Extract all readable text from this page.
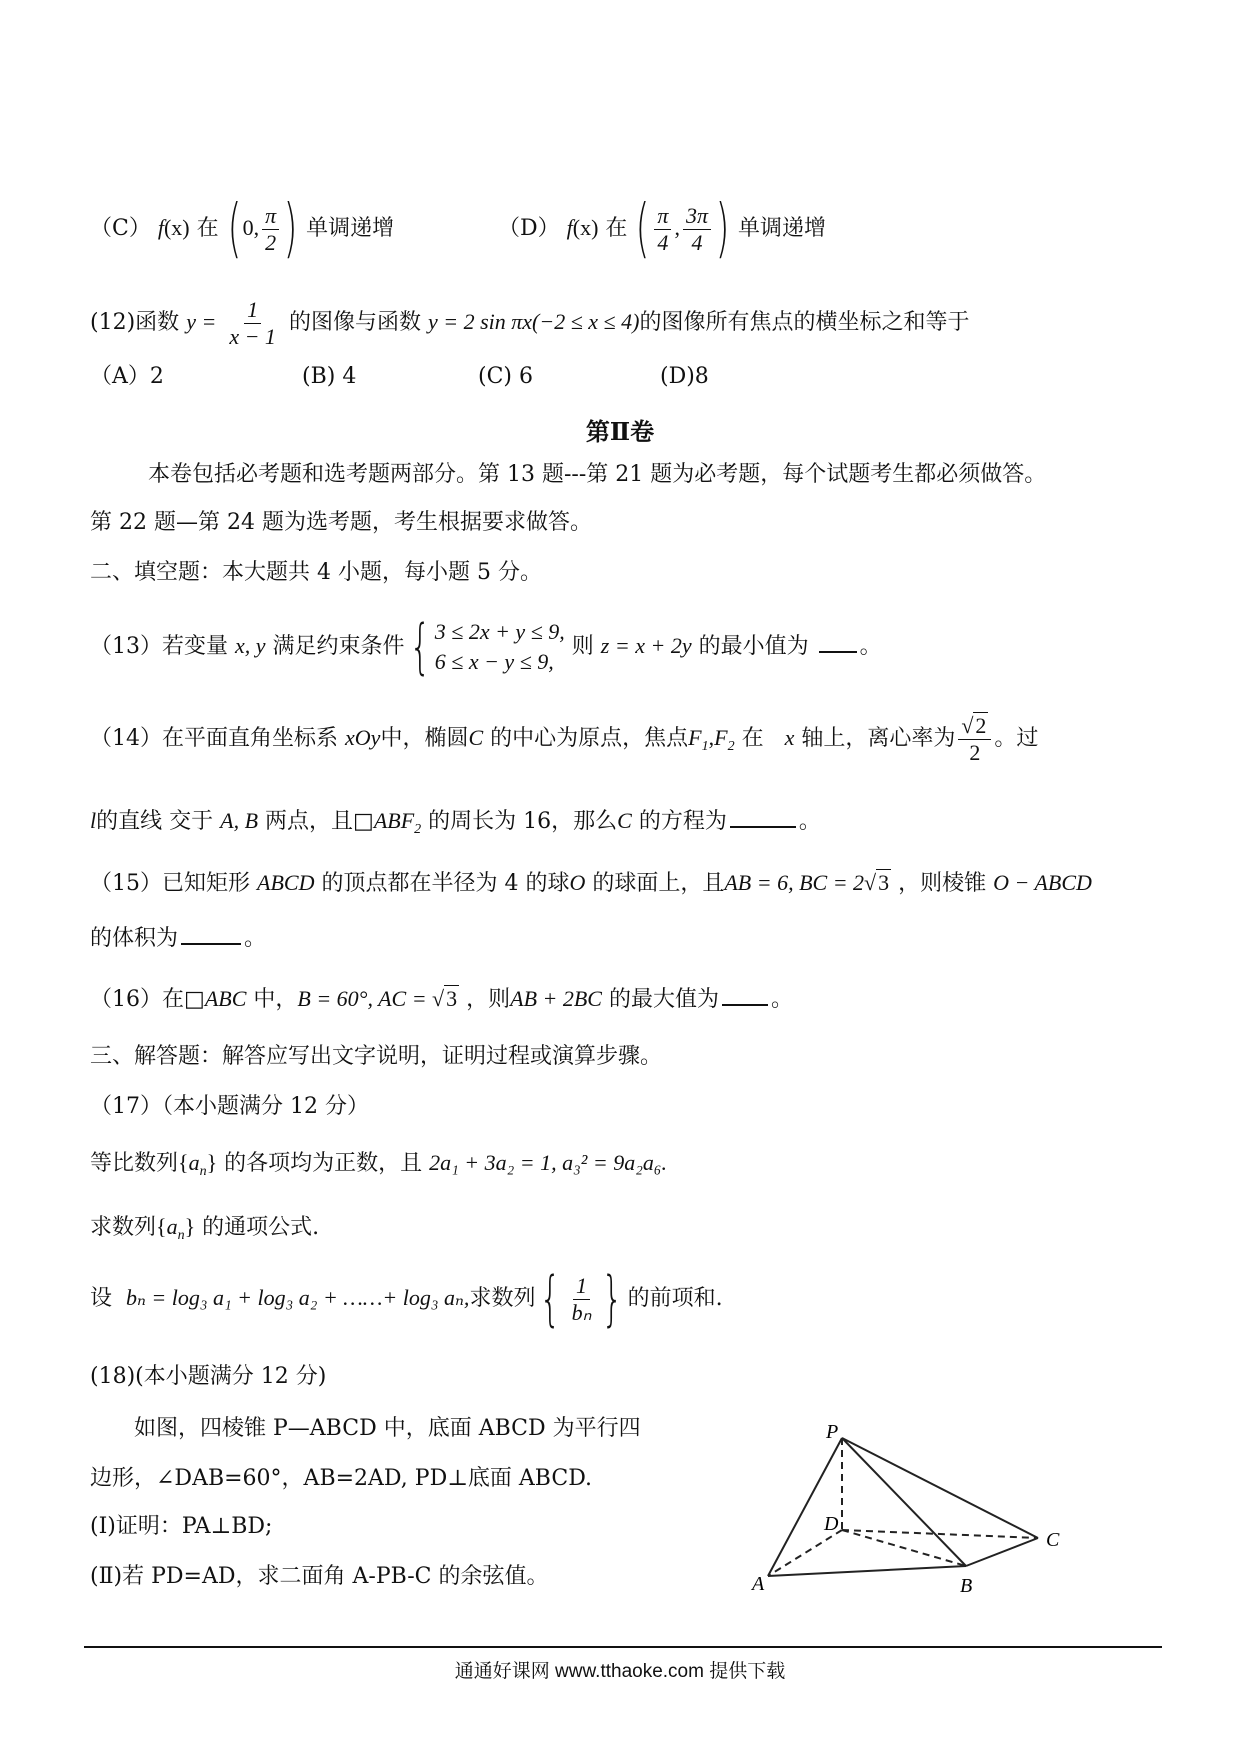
（C） f(x) 在 (0, $\frac{\pi}{2}$ ) 单调递增	（D） f(x) 在 ( $\frac{\pi}{4}$ , $\frac{3\pi}{4}$ ) 单调递增
(12)函数 $y = \frac{1}{x - 1}$ 的图像与函数 y = 2 sin πx(−2 ≤ x ≤ 4)的图像所有焦点的横坐标之和等于
（A）2	(B) 4	(C) 6	(D)8
第Ⅱ卷
本卷包括必考题和选考题两部分。第 13 题---第 21 题为必考题，每个试题考生都必须做答。
第 22 题—第 24 题为选考题，考生根据要求做答。
二、填空题：本大题共 4 小题，每小题 5 分。
（13）若变量 x, y 满足约束条件{ 3 ≤ 2x + y ≤ 9,
6 ≤ x − y ≤ 9,
则 z = x + 2y 的最小值为 。
（14）在平面直角坐标系 xOy中，椭圆C 的中心为原点，焦点$F_1,F_2$ 在 x 轴上，离心率为 $\frac{√2}{2}$ 。过
l的直线 交于 A, B 两点，且$□ABF_2$ 的周长为 16，那么C 的方程为	。
（15）已知矩形 ABCD 的顶点都在半径为 4 的球O 的球面上，且AB = 6, BC = 2√3 ，则棱锥 O − ABCD
的体积为	。
（16）在□ABC 中，B = 60°, AC = √3 ，则AB + 2BC 的最大值为 。
三、解答题：解答应写出文字说明，证明过程或演算步骤。
（17）（本小题满分 12 分）
等比数列$\{a_n\}$ 的各项均为正数，且 2a₁ + 3a₂ = 1, a₃² = 9a₂a₆.
求数列$\{a_n\}$ 的通项公式.
设 bₙ = log₃ a₁ + log₃ a₂ + ……+ log₃ aₙ,求数列{ $\frac{1}{\text{bₙ}}$ } 的前项和.
(18)(本小题满分 12 分)
如图，四棱锥 P—ABCD 中，底面 ABCD 为平行四
边形，∠DAB=60°，AB=2AD, PD⊥底面 ABCD.
(Ⅰ)证明：PA⊥BD;
(Ⅱ)若 PD=AD，求二面角 A-PB-C 的余弦值。
P
D
C
A	B
通通好课网 www.tthaoke.com 提供下载
